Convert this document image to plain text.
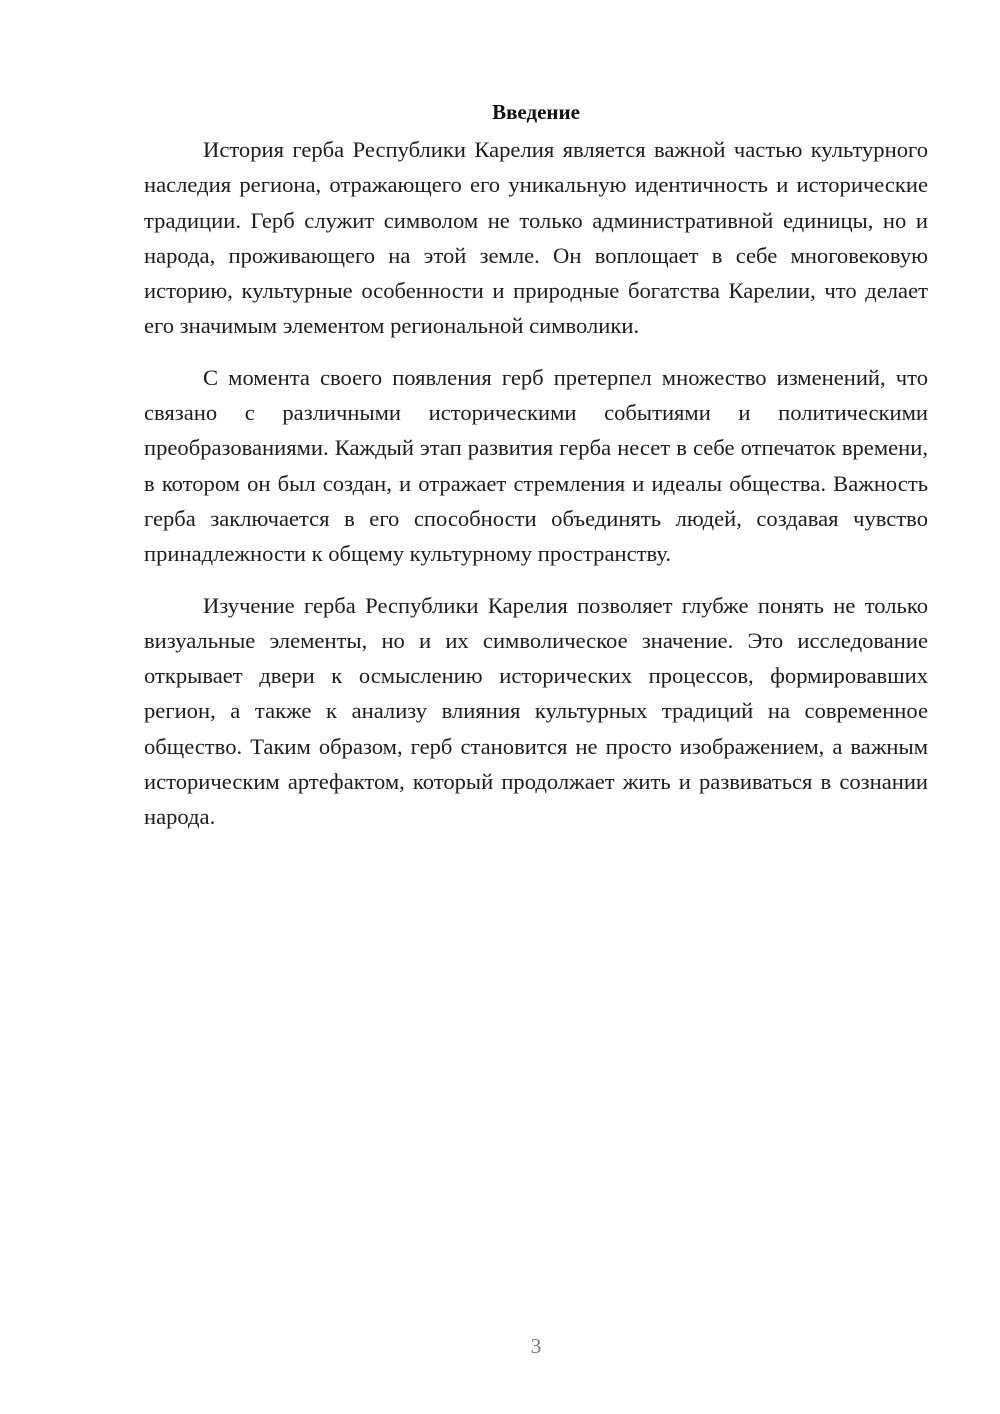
Введение

История герба Республики Карелия является важной частью культурного наследия региона, отражающего его уникальную идентичность и исторические традиции. Герб служит символом не только административной единицы, но и народа, проживающего на этой земле. Он воплощает в себе многовековую историю, культурные особенности и природные богатства Карелии, что делает его значимым элементом региональной символики.

С момента своего появления герб претерпел множество изменений, что связано с различными историческими событиями и политическими преобразованиями. Каждый этап развития герба несет в себе отпечаток времени, в котором он был создан, и отражает стремления и идеалы общества. Важность герба заключается в его способности объединять людей, создавая чувство принадлежности к общему культурному пространству.

Изучение герба Республики Карелия позволяет глубже понять не только визуальные элементы, но и их символическое значение. Это исследование открывает двери к осмыслению исторических процессов, формировавших регион, а также к анализу влияния культурных традиций на современное общество. Таким образом, герб становится не просто изображением, а важным историческим артефактом, который продолжает жить и развиваться в сознании народа.

3
